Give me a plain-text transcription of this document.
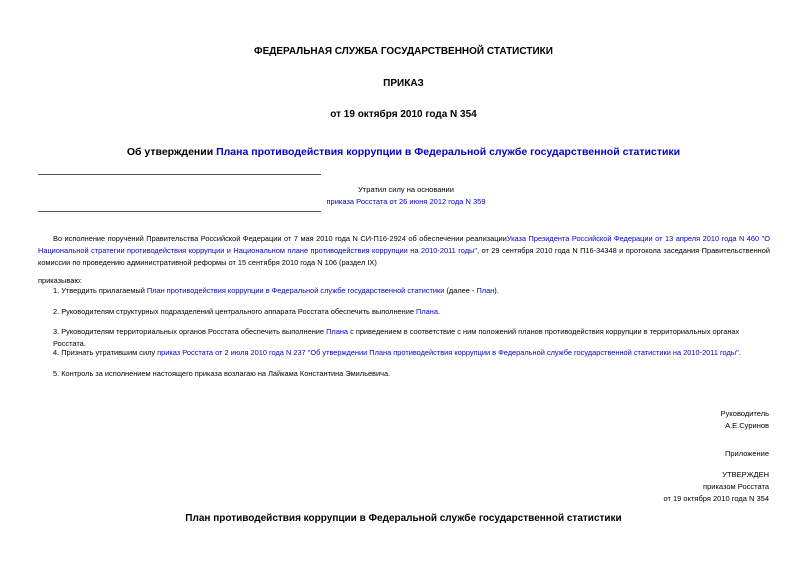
ФЕДЕРАЛЬНАЯ СЛУЖБА ГОСУДАРСТВЕННОЙ СТАТИСТИКИ
ПРИКАЗ
от 19 октября 2010 года N 354
Об утверждении Плана противодействия коррупции в Федеральной службе государственной статистики
Утратил силу на основании
приказа Росстата от 26 июня 2012 года N 359
Во исполнение поручений Правительства Российской Федерации от 7 мая 2010 года N СИ-П16-2924 об обеспечении реализацииУказа Президента Российской Федерации от 13 апреля 2010 года N 460 "О Национальной стратегии противодействия коррупции и Национальном плане противодействия коррупции на 2010-2011 годы", от 29 сентября 2010 года N П16-34348 и протокола заседания Правительственной комиссии по проведению административной реформы от 15 сентября 2010 года N 106 (раздел IX)
приказываю:
1. Утвердить прилагаемый План противодействия коррупции в Федеральной службе государственной статистики (далее - План).
2. Руководителям структурных подразделений центрального аппарата Росстата обеспечить выполнение Плана.
3. Руководителям территориальных органов Росстата обеспечить выполнение Плана с приведением в соответствие с ним положений планов противодействия коррупции в территориальных органах Росстата.
4. Признать утратившим силу приказ Росстата от 2 июля 2010 года N 237 "Об утверждении Плана противодействия коррупции в Федеральной службе государственной статистики на 2010-2011 годы".
5. Контроль за исполнением настоящего приказа возлагаю на Лайкама Константина Эмильевича.
Руководитель
А.Е.Суринов
Приложение
УТВЕРЖДЕН
приказом Росстата
от 19 октября 2010 года N 354
План противодействия коррупции в Федеральной службе государственной статистики
